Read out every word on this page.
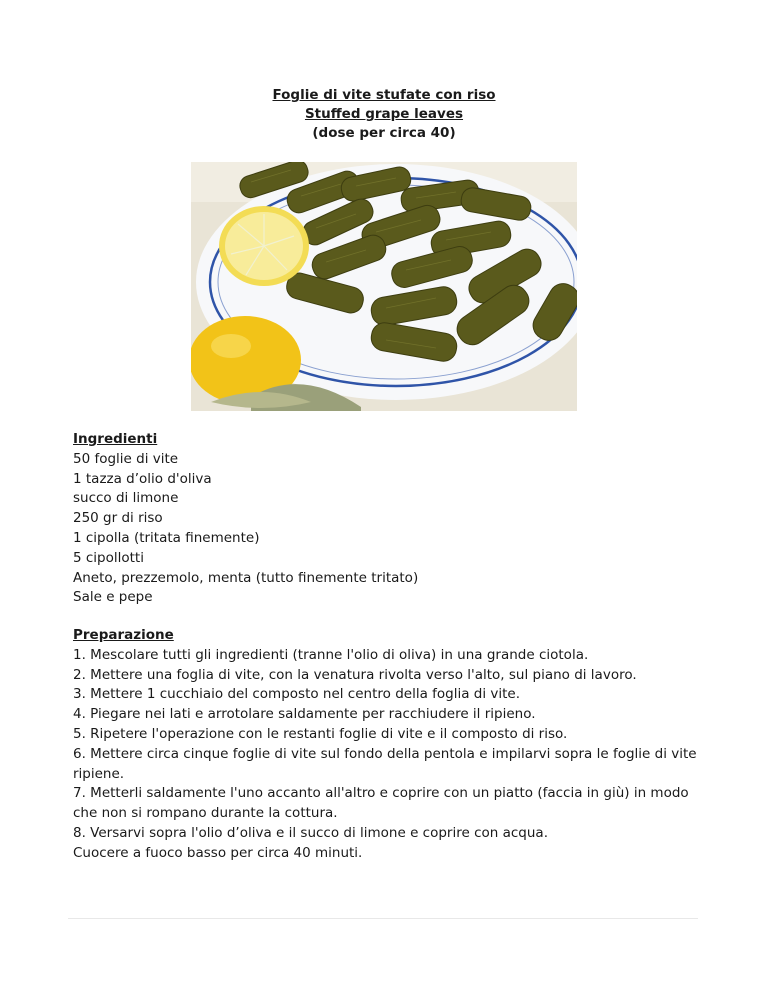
Foglie di vite stufate con riso
Stuffed grape leaves
(dose per circa 40)
Ingredienti

50 foglie di vite

1 tazza d’olio d'oliva

succo di limone

250 gr di riso

1 cipolla (tritata finemente)

5 cipollotti

Aneto, prezzemolo, menta (tutto finemente tritato)

Sale e pepe

Preparazione

1. Mescolare tutti gli ingredienti (tranne l'olio di oliva) in una grande ciotola.

2. Mettere una foglia di vite, con la venatura rivolta verso l'alto, sul piano di lavoro.

3. Mettere 1 cucchiaio del composto nel centro della foglia di vite.

4. Piegare nei lati e arrotolare saldamente per racchiudere il ripieno.

5. Ripetere l'operazione con le restanti foglie di vite e il composto di riso.

6. Mettere circa cinque foglie di vite sul fondo della pentola e impilarvi sopra le foglie di vite ripiene.

7. Metterli saldamente l'uno accanto all'altro e coprire con un piatto (faccia in giù) in modo che non si rompano durante la cottura.

8. Versarvi sopra l'olio d’oliva e il succo di limone e coprire con acqua.

Cuocere a fuoco basso per circa 40 minuti.
